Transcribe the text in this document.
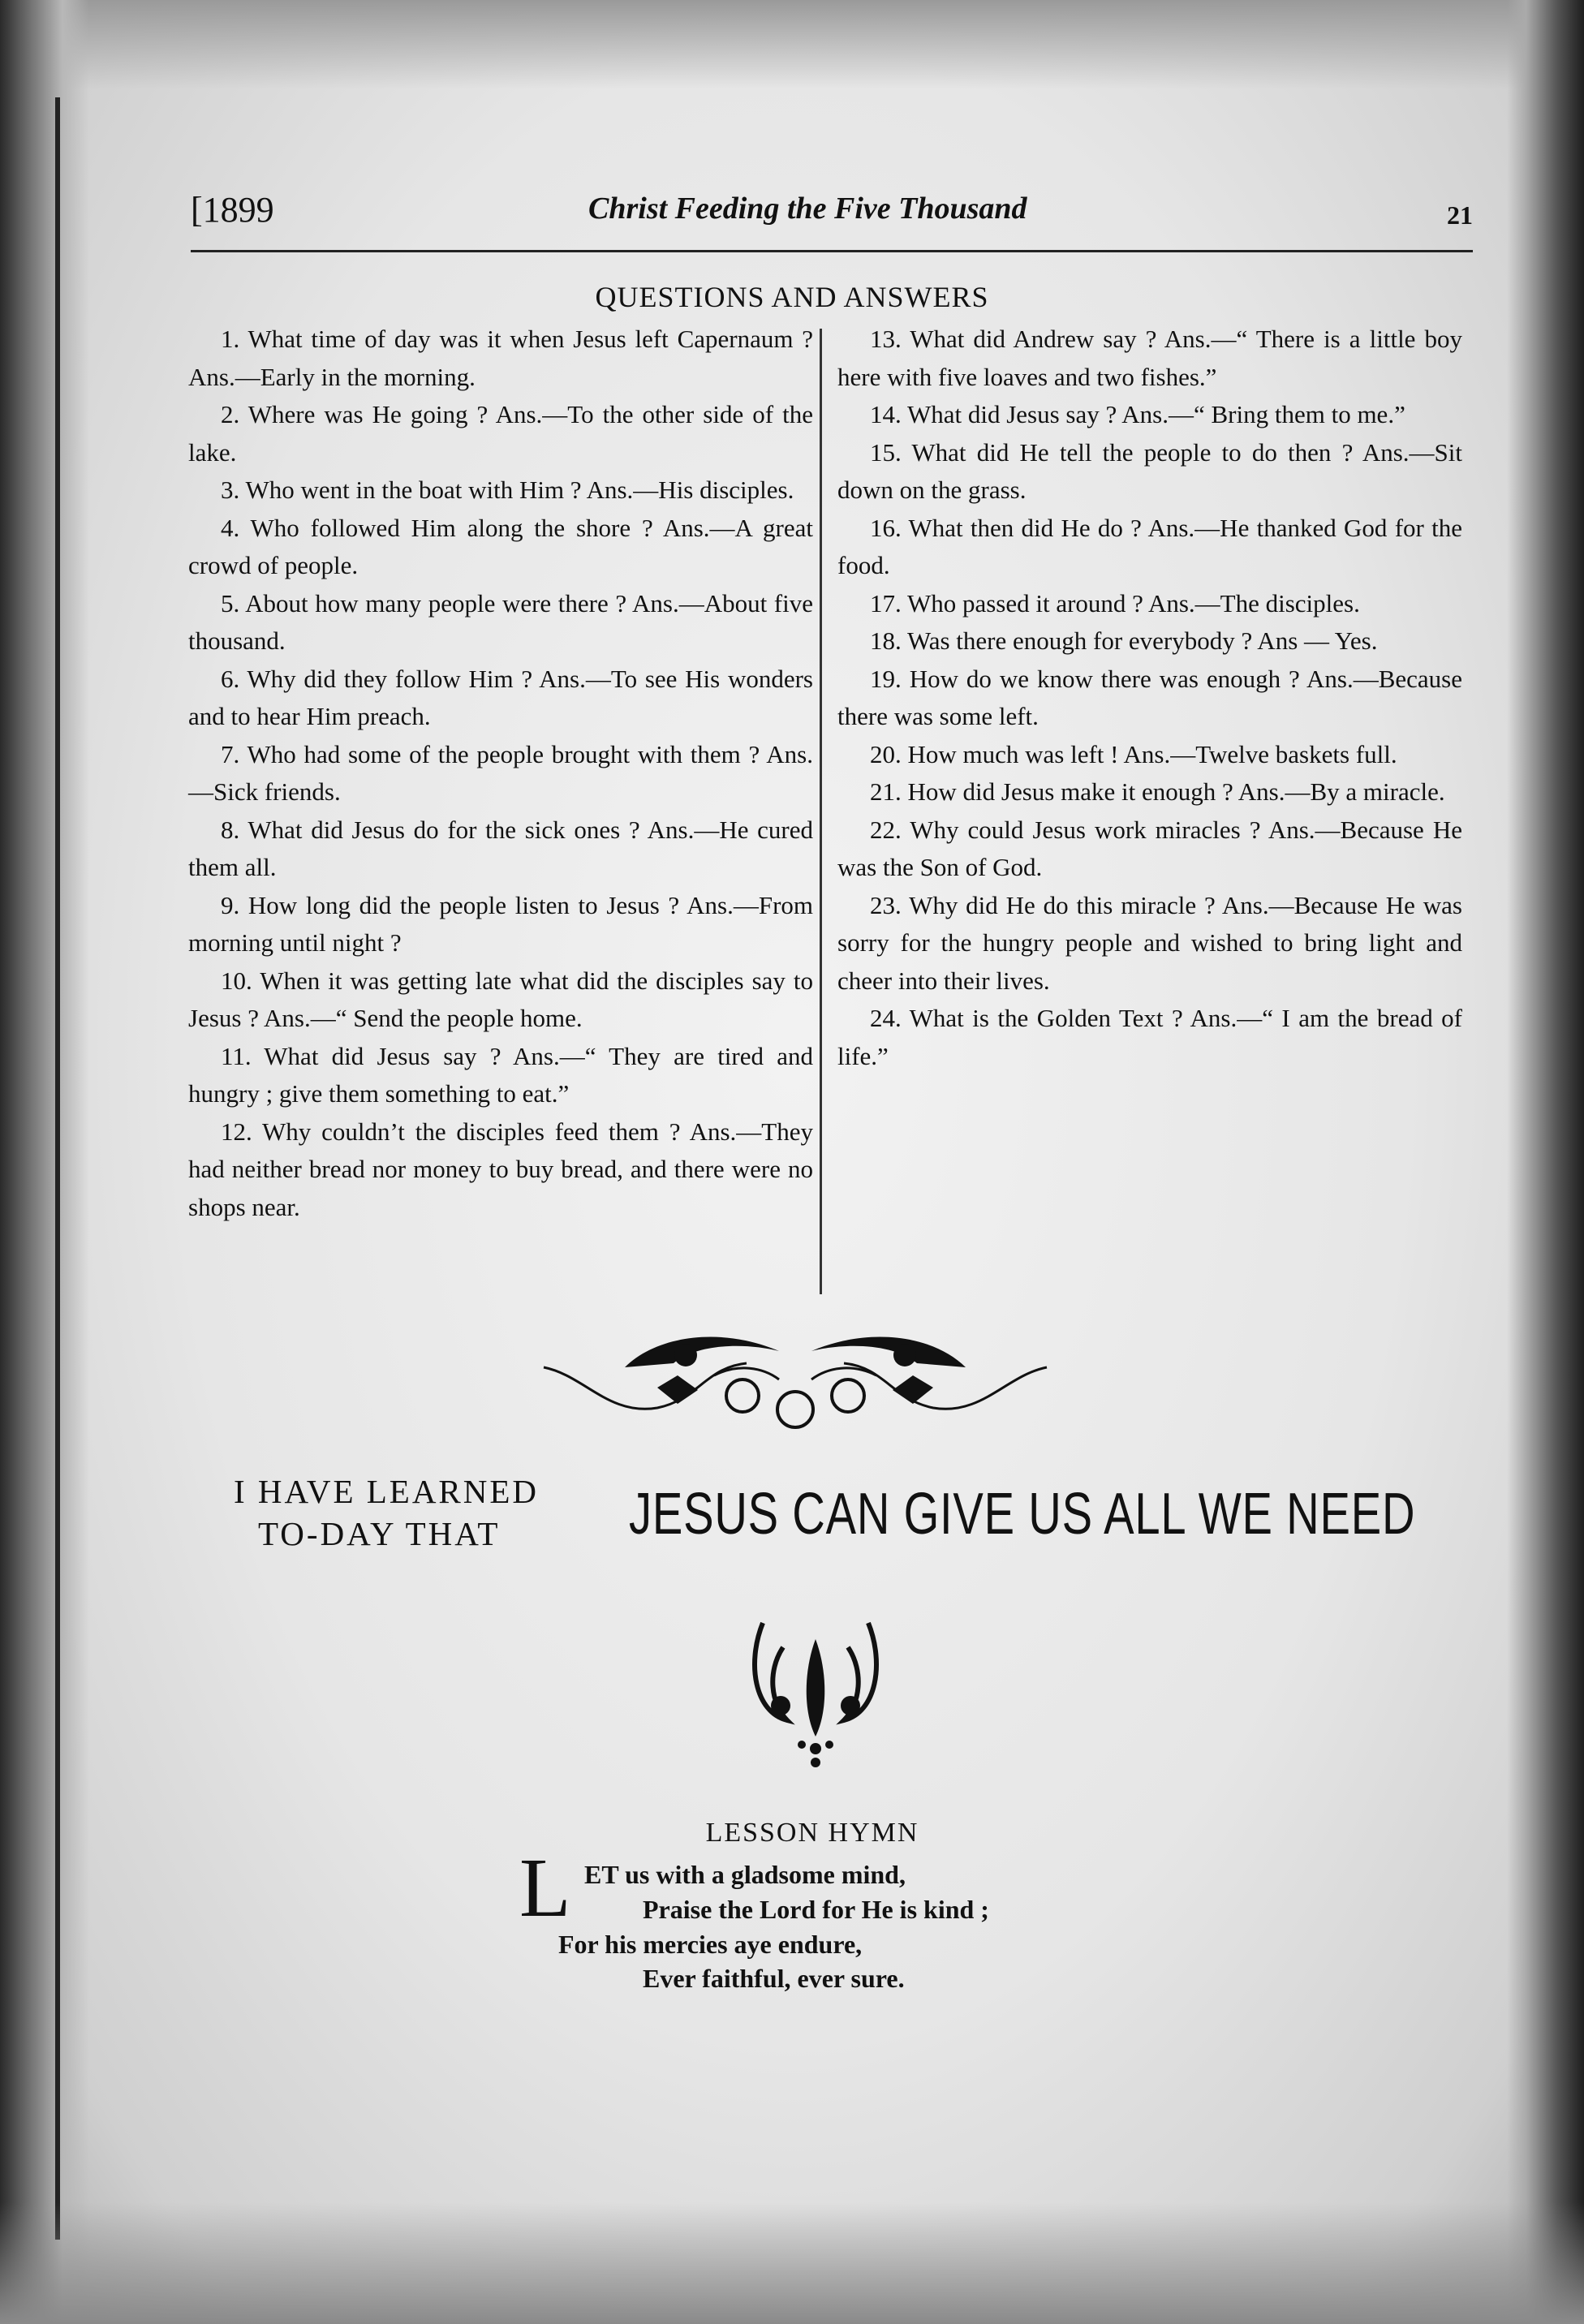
[1899	Christ Feeding the Five Thousand	21
QUESTIONS AND ANSWERS

1. What time of day was it when Jesus left Capernaum ? Ans.—Early in the morning.

2. Where was He going ? Ans.—To the other side of the lake.

3. Who went in the boat with Him ? Ans.—His disciples.

4. Who followed Him along the shore ? Ans.—A great crowd of people.

5. About how many people were there ? Ans.—About five thousand.

6. Why did they follow Him ? Ans.—To see His wonders and to hear Him preach.

7. Who had some of the people brought with them ? Ans.—Sick friends.

8. What did Jesus do for the sick ones ? Ans.—He cured them all.

9. How long did the people listen to Jesus ? Ans.—From morning until night ?

10. When it was getting late what did the disciples say to Jesus ? Ans.—“ Send the people home.

11. What did Jesus say ? Ans.—“ They are tired and hungry ; give them something to eat.”

12. Why couldn’t the disciples feed them ? Ans.—They had neither bread nor money to buy bread, and there were no shops near.

13. What did Andrew say ? Ans.—“ There is a little boy here with five loaves and two fishes.”

14. What did Jesus say ? Ans.—“ Bring them to me.”

15. What did He tell the people to do then ? Ans.—Sit down on the grass.

16. What then did He do ? Ans.—He thanked God for the food.

17. Who passed it around ? Ans.—The disciples.

18. Was there enough for everybody ? Ans — Yes.

19. How do we know there was enough ? Ans.—Because there was some left.

20. How much was left ! Ans.—Twelve baskets full.

21. How did Jesus make it enough ? Ans.—By a miracle.

22. Why could Jesus work miracles ? Ans.—Because He was the Son of God.

23. Why did He do this miracle ? Ans.—Because He was sorry for the hungry people and wished to bring light and cheer into their lives.

24. What is the Golden Text ? Ans.—“ I am the bread of life.”

I HAVE LEARNED
TO-DAY THAT	JESUS CAN GIVE US ALL WE NEED
LESSON HYMN
L ET us with a gladsome mind,
Praise the Lord for He is kind ;
For his mercies aye endure,
Ever faithful, ever sure.
